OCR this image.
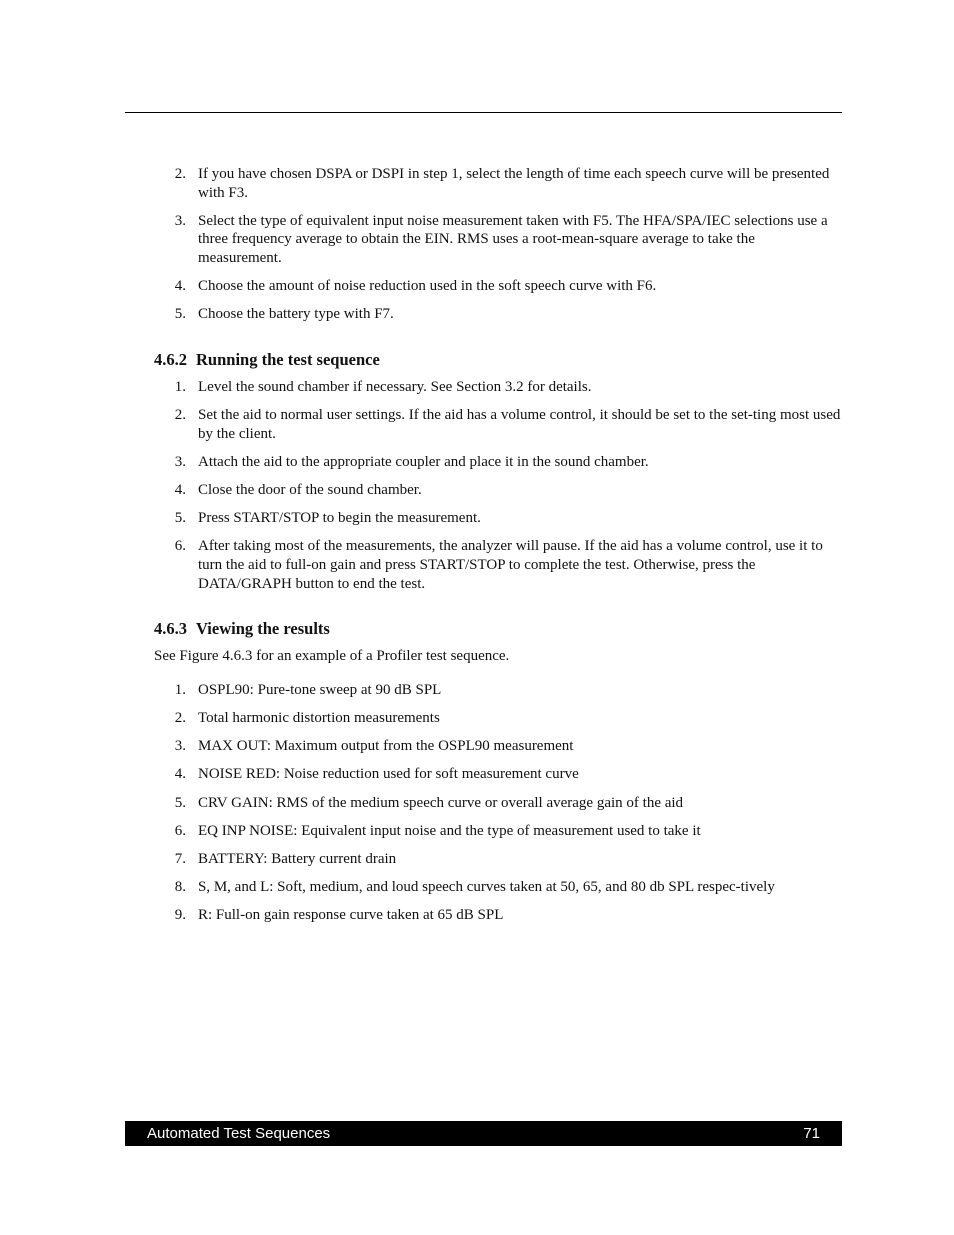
2. If you have chosen DSPA or DSPI in step 1, select the length of time each speech curve will be presented with F3.
3. Select the type of equivalent input noise measurement taken with F5. The HFA/SPA/IEC selections use a three frequency average to obtain the EIN. RMS uses a root-mean-square average to take the measurement.
4. Choose the amount of noise reduction used in the soft speech curve with F6.
5. Choose the battery type with F7.
4.6.2 Running the test sequence
1. Level the sound chamber if necessary. See Section 3.2 for details.
2. Set the aid to normal user settings. If the aid has a volume control, it should be set to the set-ting most used by the client.
3. Attach the aid to the appropriate coupler and place it in the sound chamber.
4. Close the door of the sound chamber.
5. Press START/STOP to begin the measurement.
6. After taking most of the measurements, the analyzer will pause. If the aid has a volume control, use it to turn the aid to full-on gain and press START/STOP to complete the test. Otherwise, press the DATA/GRAPH button to end the test.
4.6.3 Viewing the results

See Figure 4.6.3 for an example of a Profiler test sequence.

1. OSPL90: Pure-tone sweep at 90 dB SPL
2. Total harmonic distortion measurements
3. MAX OUT: Maximum output from the OSPL90 measurement
4. NOISE RED: Noise reduction used for soft measurement curve
5. CRV GAIN: RMS of the medium speech curve or overall average gain of the aid
6. EQ INP NOISE: Equivalent input noise and the type of measurement used to take it
7. BATTERY: Battery current drain
8. S, M, and L: Soft, medium, and loud speech curves taken at 50, 65, and 80 db SPL respec-tively
9. R: Full-on gain response curve taken at 65 dB SPL
Automated Test Sequences	71
